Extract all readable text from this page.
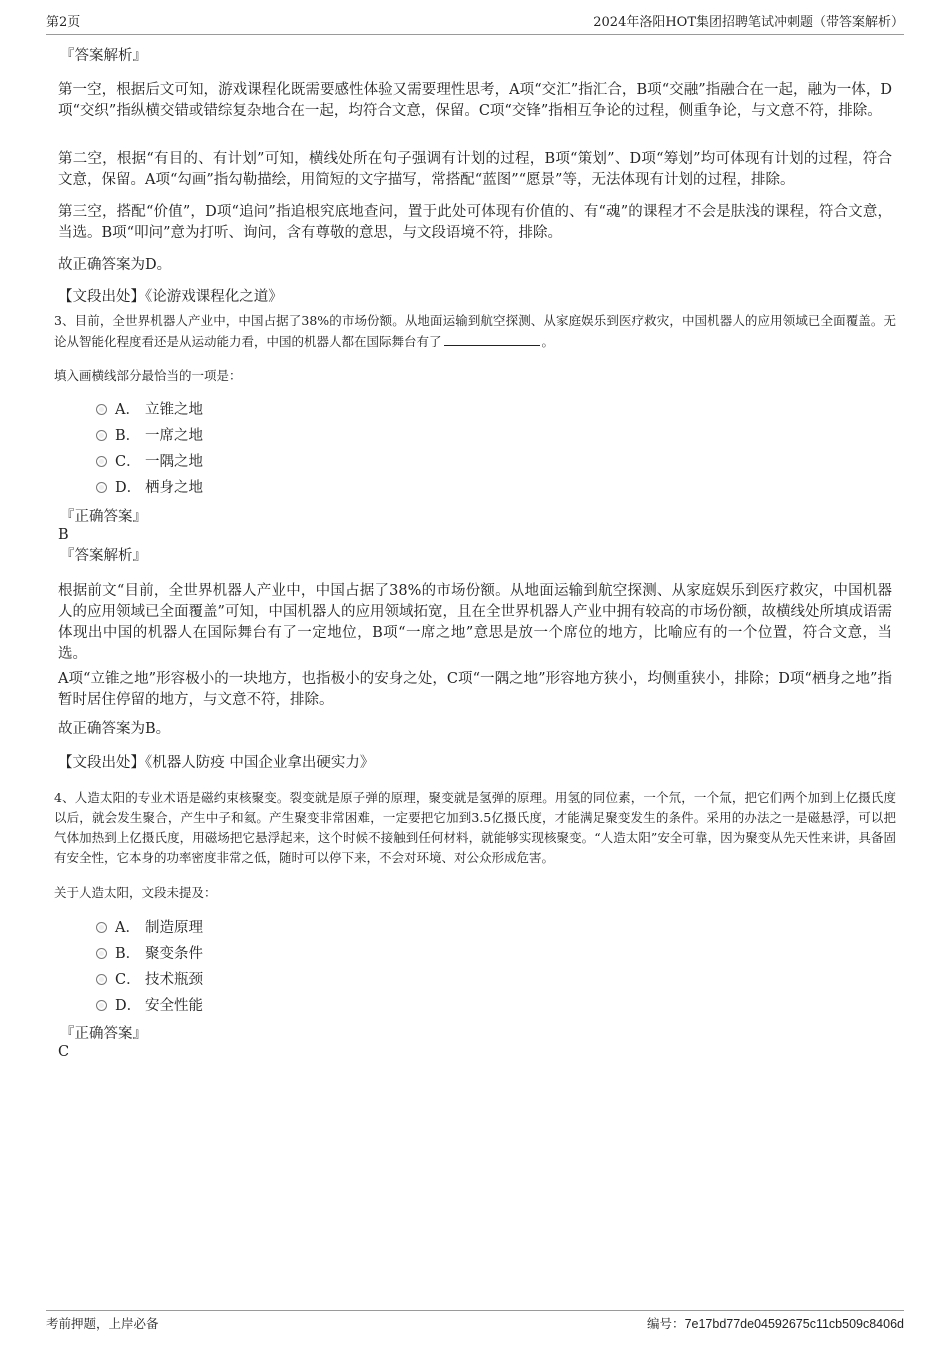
第2页	2024年洛阳HOT集团招聘笔试冲刺题（带答案解析）
『答案解析』
第一空，根据后文可知，游戏课程化既需要感性体验又需要理性思考，A项“交汇”指汇合，B项“交融”指融合在一起，融为一体，D项“交织”指纵横交错或错综复杂地合在一起，均符合文意，保留。C项“交锋”指相互争论的过程，侧重争论，与文意不符，排除。
第二空，根据“有目的、有计划”可知，横线处所在句子强调有计划的过程，B项“策划”、D项“筹划”均可体现有计划的过程，符合文意，保留。A项“勾画”指勾勒描绘，用简短的文字描写，常搭配“蓝图”“愿景”等，无法体现有计划的过程，排除。
第三空，搭配“价值”，D项“追问”指追根究底地查问，置于此处可体现有价值的、有“魂”的课程才不会是肤浅的课程，符合文意，当选。B项“叩问”意为打听、询问，含有尊敬的意思，与文段语境不符，排除。
故正确答案为D。
【文段出处】《论游戏课程化之道》
3、目前，全世界机器人产业中，中国占据了38%的市场份额。从地面运输到航空探测、从家庭娱乐到医疗救灾，中国机器人的应用领域已全面覆盖。无论从智能化程度看还是从运动能力看，中国的机器人都在国际舞台有了	。
填入画横线部分最恰当的一项是：
A． 立锥之地
B． 一席之地
C． 一隅之地
D． 栖身之地
『正确答案』
B
『答案解析』
根据前文“目前，全世界机器人产业中，中国占据了38%的市场份额。从地面运输到航空探测、从家庭娱乐到医疗救灾，中国机器人的应用领域已全面覆盖”可知，中国机器人的应用领域拓宽，且在全世界机器人产业中拥有较高的市场份额，故横线处所填成语需体现出中国的机器人在国际舞台有了一定地位，B项“一席之地”意思是放一个席位的地方，比喻应有的一个位置，符合文意，当选。
A项“立锥之地”形容极小的一块地方，也指极小的安身之处，C项“一隅之地”形容地方狭小，均侧重狭小，排除；D项“栖身之地”指暂时居住停留的地方，与文意不符，排除。
故正确答案为B。
【文段出处】《机器人防疫 中国企业拿出硬实力》
4、人造太阳的专业术语是磁约束核聚变。裂变就是原子弹的原理，聚变就是氢弹的原理。用氢的同位素，一个氘，一个氚，把它们两个加到上亿摄氏度以后，就会发生聚合，产生中子和氦。产生聚变非常困难，一定要把它加到3.5亿摄氏度，才能满足聚变发生的条件。采用的办法之一是磁悬浮，可以把气体加热到上亿摄氏度，用磁场把它悬浮起来，这个时候不接触到任何材料，就能够实现核聚变。“人造太阳”安全可靠，因为聚变从先天性来讲，具备固有安全性，它本身的功率密度非常之低，随时可以停下来，不会对环境、对公众形成危害。
关于人造太阳，文段未提及：
A． 制造原理
B． 聚变条件
C． 技术瓶颈
D． 安全性能
『正确答案』
C
考前押题，上岸必备	编号：7e17bd77de04592675c11cb509c8406d
